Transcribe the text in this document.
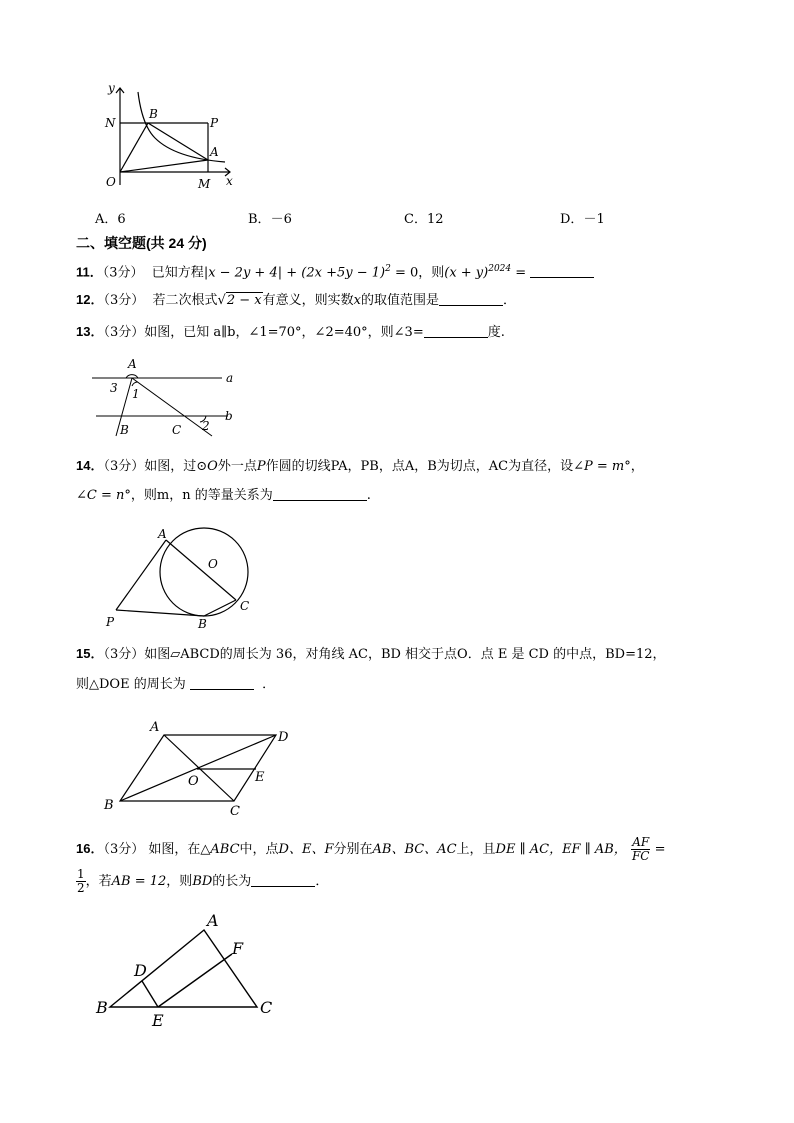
y
N
B
P
A
O	M x
A．6	B．－6	C．12	D．－1
二、填空题(共 24 分)
11．（3分） 已知方程$|x - 2y + 4| + (2x +5y - 1)^2 = 0$，则$(x + y)^{2024}$ =
12．（3分） 若二次根式√2 − x有意义，则实数x的取值范围是	．
13．（3分）如图，已知 a∥b，∠1=70°，∠2=40°，则∠3=	度.
A
a
3 1
b
B	C 2
14．（3分）如图，过⊙O外一点P作圆的切线PA，PB，点A，B为切点，AC为直径，设∠P = m°，
∠C = n°，则m，n 的等量关系为	.
A
O
P	B
C
15．（3分）如图▱ABCD的周长为 36，对角线 AC，BD 相交于点O．点 E 是 CD 的中点，BD=12，
则△DOE 的周长为	．
A
D
O	E
B	C
16．（3分） 如图，在△ABC中，点D、E、F分别在AB、BC、AC上，且DE ∥ AC，EF ∥ AB， $\frac{AF}{FC}$ =
$\frac{1}{2}$ ，若AB = 12，则BD的长为	．
A
F
D
B
E
C
